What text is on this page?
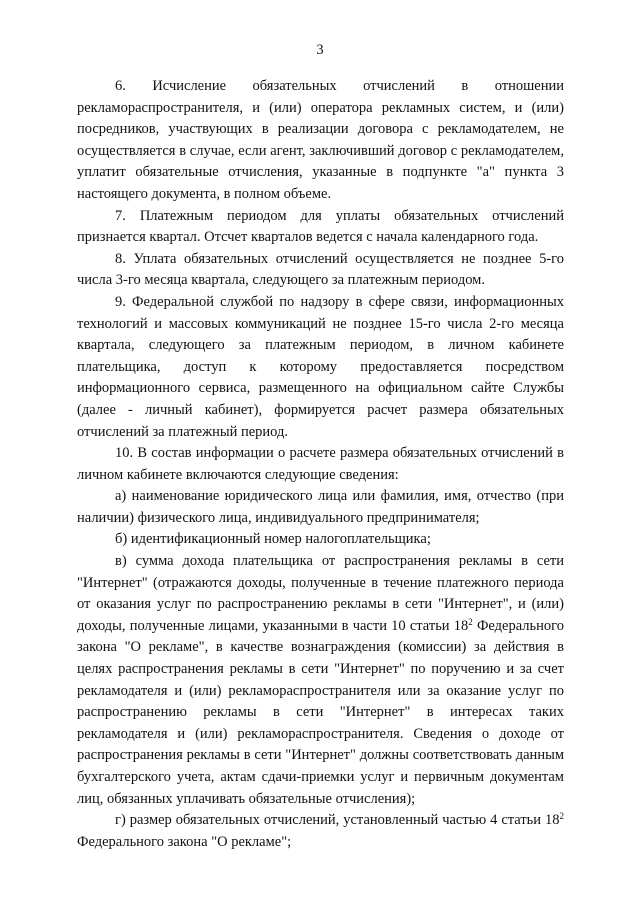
3

6. Исчисление обязательных отчислений в отношении рекламораспространителя, и (или) оператора рекламных систем, и (или) посредников, участвующих в реализации договора с рекламодателем, не осуществляется в случае, если агент, заключивший договор с рекламодателем, уплатит обязательные отчисления, указанные в подпункте "а" пункта 3 настоящего документа, в полном объеме.

7. Платежным периодом для уплаты обязательных отчислений признается квартал. Отсчет кварталов ведется с начала календарного года.

8. Уплата обязательных отчислений осуществляется не позднее 5-го числа 3-го месяца квартала, следующего за платежным периодом.

9. Федеральной службой по надзору в сфере связи, информационных технологий и массовых коммуникаций не позднее 15-го числа 2-го месяца квартала, следующего за платежным периодом, в личном кабинете плательщика, доступ к которому предоставляется посредством информационного сервиса, размещенного на официальном сайте Службы (далее - личный кабинет), формируется расчет размера обязательных отчислений за платежный период.

10. В состав информации о расчете размера обязательных отчислений в личном кабинете включаются следующие сведения:

а) наименование юридического лица или фамилия, имя, отчество (при наличии) физического лица, индивидуального предпринимателя;

б) идентификационный номер налогоплательщика;

в) сумма дохода плательщика от распространения рекламы в сети "Интернет" (отражаются доходы, полученные в течение платежного периода от оказания услуг по распространению рекламы в сети "Интернет", и (или) доходы, полученные лицами, указанными в части 10 статьи $18^2$ Федерального закона "О рекламе", в качестве вознаграждения (комиссии) за действия в целях распространения рекламы в сети "Интернет" по поручению и за счет рекламодателя и (или) рекламораспространителя или за оказание услуг по распространению рекламы в сети "Интернет" в интересах таких рекламодателя и (или) рекламораспространителя. Сведения о доходе от распространения рекламы в сети "Интернет" должны соответствовать данным бухгалтерского учета, актам сдачи-приемки услуг и первичным документам лиц, обязанных уплачивать обязательные отчисления);

г) размер обязательных отчислений, установленный частью 4 статьи $18^2$ Федерального закона "О рекламе";
